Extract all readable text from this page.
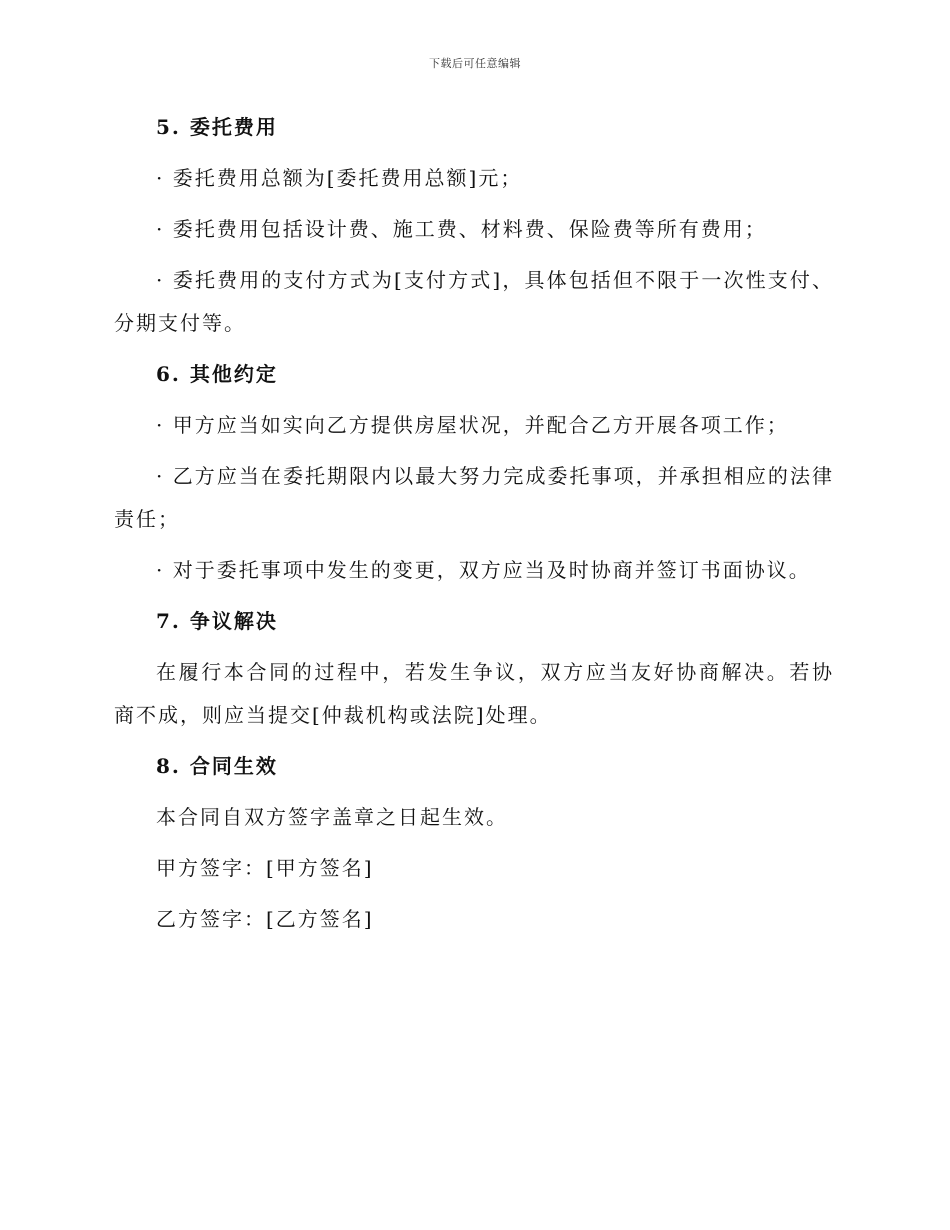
下载后可任意编辑
5. 委托费用
· 委托费用总额为[委托费用总额]元；
· 委托费用包括设计费、施工费、材料费、保险费等所有费用；
· 委托费用的支付方式为[支付方式]，具体包括但不限于一次性支付、分期支付等。
6. 其他约定
· 甲方应当如实向乙方提供房屋状况，并配合乙方开展各项工作；
· 乙方应当在委托期限内以最大努力完成委托事项，并承担相应的法律责任；
· 对于委托事项中发生的变更，双方应当及时协商并签订书面协议。
7. 争议解决
在履行本合同的过程中，若发生争议，双方应当友好协商解决。若协商不成，则应当提交[仲裁机构或法院]处理。
8. 合同生效
本合同自双方签字盖章之日起生效。
甲方签字：[甲方签名]
乙方签字：[乙方签名]
